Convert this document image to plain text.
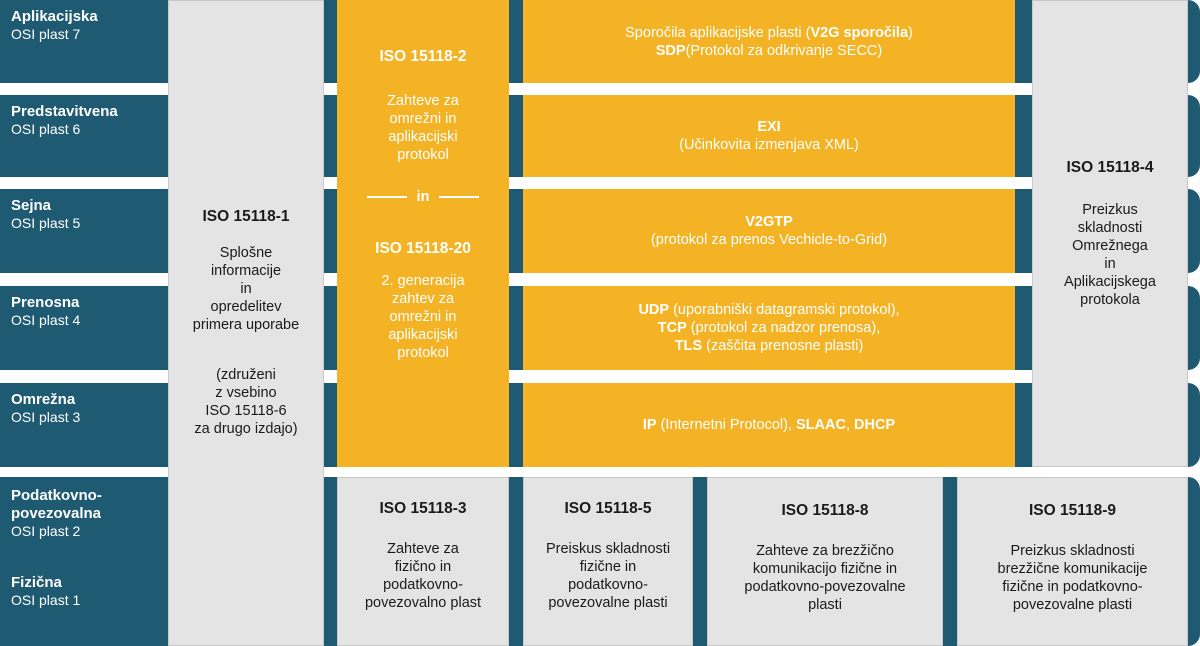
Aplikacijska
OSI plast 7
Predstavitvena
OSI plast 6
Sejna
OSI plast 5
Prenosna
OSI plast 4
Omrežna
OSI plast 3
Podatkovno-
povezovalna
OSI plast 2
Fizična
OSI plast 1
ISO 15118-1
Splošne
informacije
in
opredelitev
primera uporabe
(združeni
z vsebino
ISO 15118-6
za drugo izdajo)
ISO 15118-2
Zahteve za
omrežni in
aplikacijski
protokol
in
ISO 15118-20
2. generacija
zahtev za
omrežni in
aplikacijski
protokol
Sporočila aplikacijske plasti (V2G sporočila)
SDP(Protokol za odkrivanje SECC)
EXI
(Učinkovita izmenjava XML)
V2GTP
(protokol za prenos Vechicle-to-Grid)
UDP (uporabniški datagramski protokol),
TCP (protokol za nadzor prenosa),
TLS (zaščita prenosne plasti)
IP (Internetni Protocol), SLAAC, DHCP
ISO 15118-4
Preizkus
skladnosti
Omrežnega
in
Aplikacijskega
protokola
ISO 15118-3
Zahteve za
fizično in
podatkovno-
povezovalno plast
ISO 15118-5
Preiskus skladnosti
fizične in
podatkovno-
povezovalne plasti
ISO 15118-8
Zahteve za brezžično
komunikacijo fizične in
podatkovno-povezovalne
plasti
ISO 15118-9
Preizkus skladnosti
brezžične komunikacije
fizične in podatkovno-
povezovalne plasti
